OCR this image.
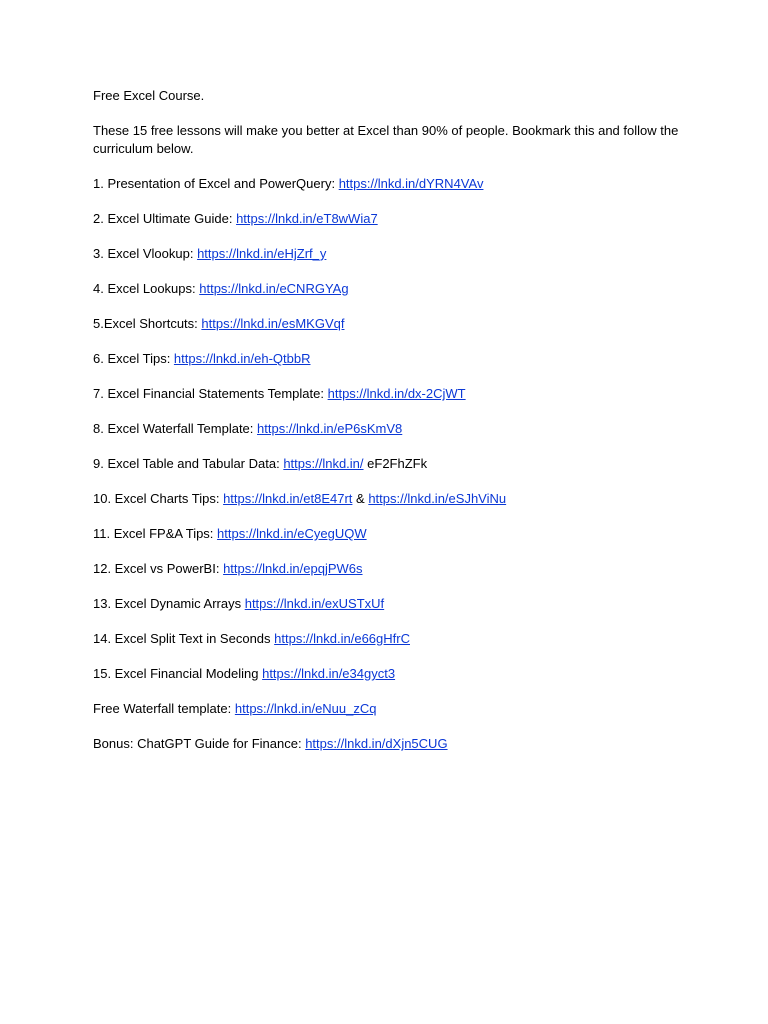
Free Excel Course.

These 15 free lessons will make you better at Excel than 90% of people. Bookmark this and follow the curriculum below.

1. Presentation of Excel and PowerQuery: https://lnkd.in/dYRN4VAv

2. Excel Ultimate Guide: https://lnkd.in/eT8wWia7

3. Excel Vlookup: https://lnkd.in/eHjZrf_y

4. Excel Lookups: https://lnkd.in/eCNRGYAg

5.Excel Shortcuts: https://lnkd.in/esMKGVqf

6. Excel Tips: https://lnkd.in/eh-QtbbR

7. Excel Financial Statements Template: https://lnkd.in/dx-2CjWT

8. Excel Waterfall Template: https://lnkd.in/eP6sKmV8

9. Excel Table and Tabular Data: https://lnkd.in/ eF2FhZFk

10. Excel Charts Tips: https://lnkd.in/et8E47rt & https://lnkd.in/eSJhViNu

11. Excel FP&A Tips: https://lnkd.in/eCyegUQW

12. Excel vs PowerBI: https://lnkd.in/epqjPW6s

13. Excel Dynamic Arrays https://lnkd.in/exUSTxUf

14. Excel Split Text in Seconds https://lnkd.in/e66gHfrC

15. Excel Financial Modeling https://lnkd.in/e34gyct3

Free Waterfall template: https://lnkd.in/eNuu_zCq

Bonus: ChatGPT Guide for Finance: https://lnkd.in/dXjn5CUG
